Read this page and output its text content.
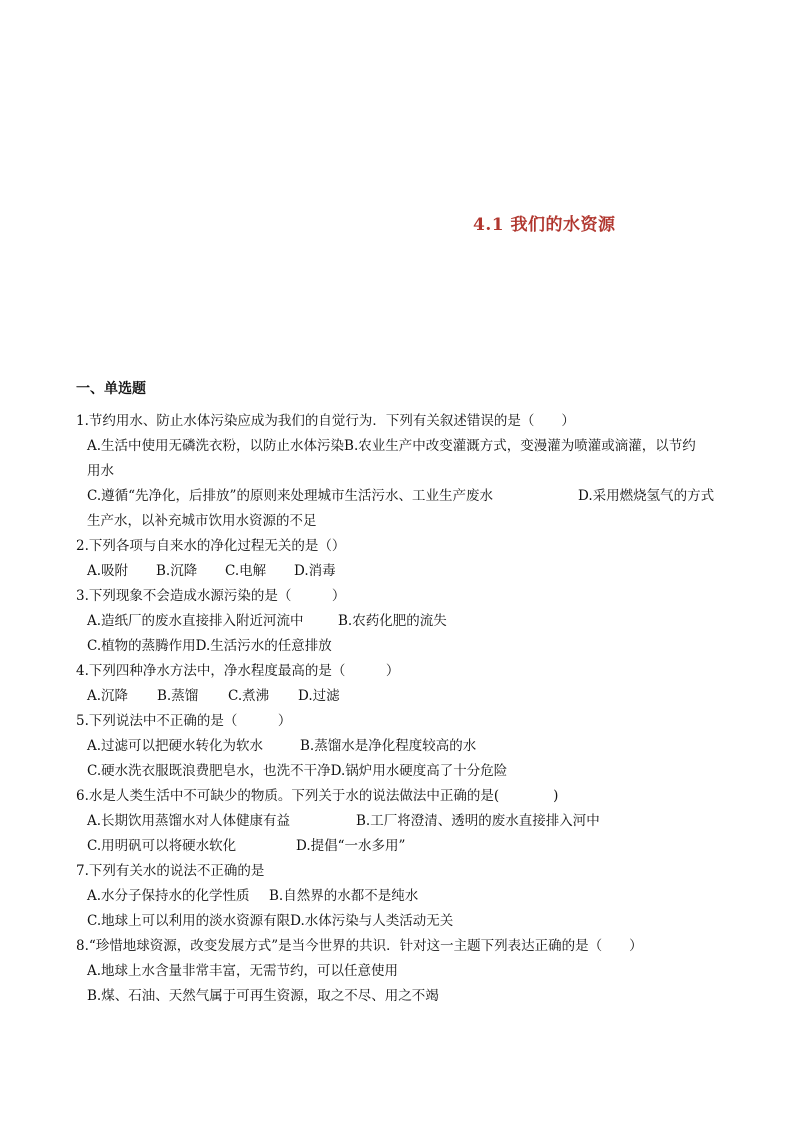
4.1 我们的水资源
一、单选题
1.节约用水、防止水体污染应成为我们的自觉行为．下列有关叙述错误的是（　　）
A.生活中使用无磷洗衣粉，以防止水体污染B.农业生产中改变灌溉方式，变漫灌为喷灌或滴灌，以节约
用水
C.遵循“先净化，后排放”的原则来处理城市生活污水、工业生产废水	D.采用燃烧氢气的方式
生产水，以补充城市饮用水资源的不足
2.下列各项与自来水的净化过程无关的是（）
A.吸附 B.沉降 C.电解 D.消毒
3.下列现象不会造成水源污染的是（　　　）
A.造纸厂的废水直接排入附近河流中	B.农药化肥的流失
C.植物的蒸腾作用D.生活污水的任意排放
4.下列四种净水方法中，净水程度最高的是（　　　）
A.沉降 B.蒸馏 C.煮沸 D.过滤
5.下列说法中不正确的是（　　　）
A.过滤可以把硬水转化为软水	B.蒸馏水是净化程度较高的水
C.硬水洗衣服既浪费肥皂水，也洗不干净D.锅炉用水硬度高了十分危险
6.水是人类生活中不可缺少的物质。下列关于水的说法做法中正确的是(　　　　)
A.长期饮用蒸馏水对人体健康有益	B.工厂将澄清、透明的废水直接排入河中
C.用明矾可以将硬水软化	D.提倡“一水多用”
7.下列有关水的说法不正确的是
A.水分子保持水的化学性质 B.自然界的水都不是纯水
C.地球上可以利用的淡水资源有限D.水体污染与人类活动无关
8.“珍惜地球资源，改变发展方式”是当今世界的共识．针对这一主题下列表达正确的是（　　）
A.地球上水含量非常丰富，无需节约，可以任意使用
B.煤、石油、天然气属于可再生资源，取之不尽、用之不竭
